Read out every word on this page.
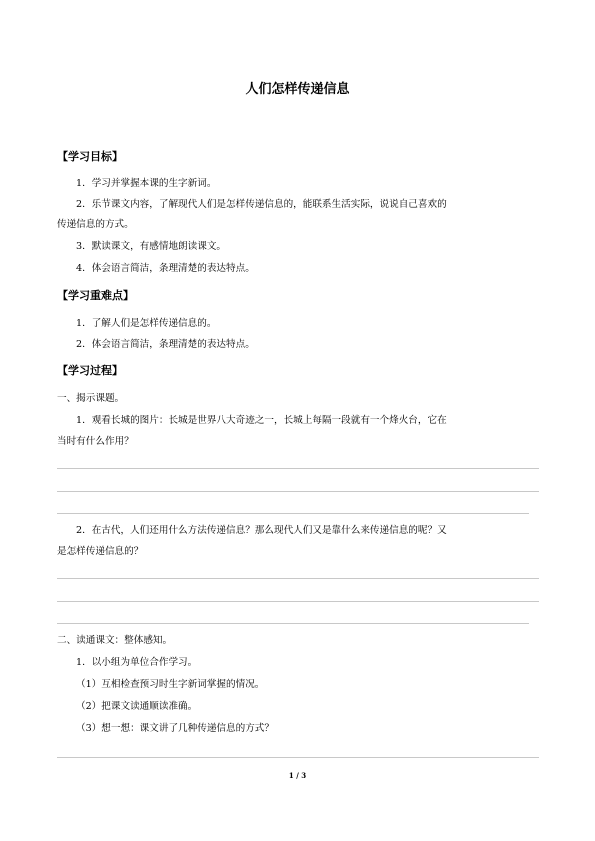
人们怎样传递信息
【学习目标】
1．学习并掌握本课的生字新词。
2．乐节课文内容，了解现代人们是怎样传递信息的，能联系生活实际，说说自己喜欢的
传递信息的方式。
3．默读课文，有感情地朗读课文。
4．体会语言简洁，条理清楚的表达特点。
【学习重难点】
1．了解人们是怎样传递信息的。
2．体会语言简洁，条理清楚的表达特点。
【学习过程】
一、揭示课题。
1．观看长城的图片：长城是世界八大奇迹之一，长城上每隔一段就有一个烽火台，它在
当时有什么作用？
2．在古代，人们还用什么方法传递信息？那么现代人们又是靠什么来传递信息的呢？又
是怎样传递信息的？
二、读通课文：整体感知。
1．以小组为单位合作学习。
（1）互相检查预习时生字新词掌握的情况。
（2）把课文读通顺读准确。
（3）想一想：课文讲了几种传递信息的方式？
1 / 3
